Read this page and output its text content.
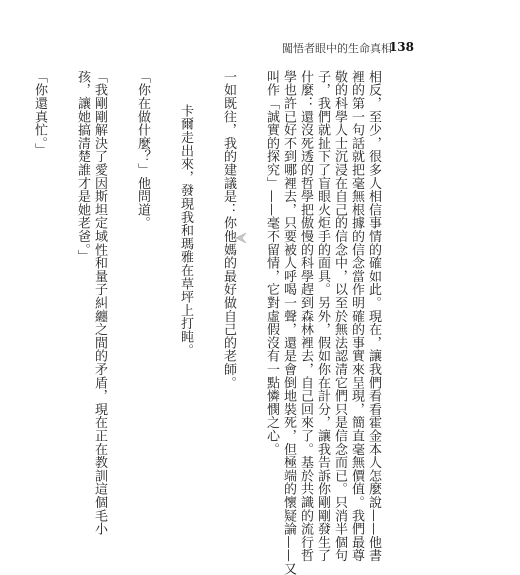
闖悟者眼中的生命真相
138
相反，至少，很多人相信事情的確如此。現在，讓我們看看霍金本人怎麼說——他書
裡的第一句話就把毫無根據的信念當作明確的事實來呈現，簡直毫無價值。我們最尊
敬的科學人士沉浸在自己的信念中，以至於無法認清它們只是信念而已。只消半個句
子，我們就扯下了盲眼火炬手的面具。另外，假如你在計分，讓我告訴你剛剛發生了
什麼：還沒死透的哲學把傲慢的科學趕到森林裡去，自己回來了。基於共識的流行哲
學也許已好不到哪裡去，只要被人呼喝一聲，還是會倒地裝死，但極端的懷疑論——又
叫作「誠實的探究」——毫不留情，它對虛假沒有一點憐憫之心。
一如既往，我的建議是：你他媽的最好做自己的老師。
卡爾走出來，發現我和瑪雅在草坪上打盹。
「你在做什麼？」他問道。
「我剛剛解決了愛因斯坦定域性和量子糾纏之間的矛盾，現在正在教訓這個毛小
孩，讓她搞清楚誰才是她老爸。」
「你還真忙。」
